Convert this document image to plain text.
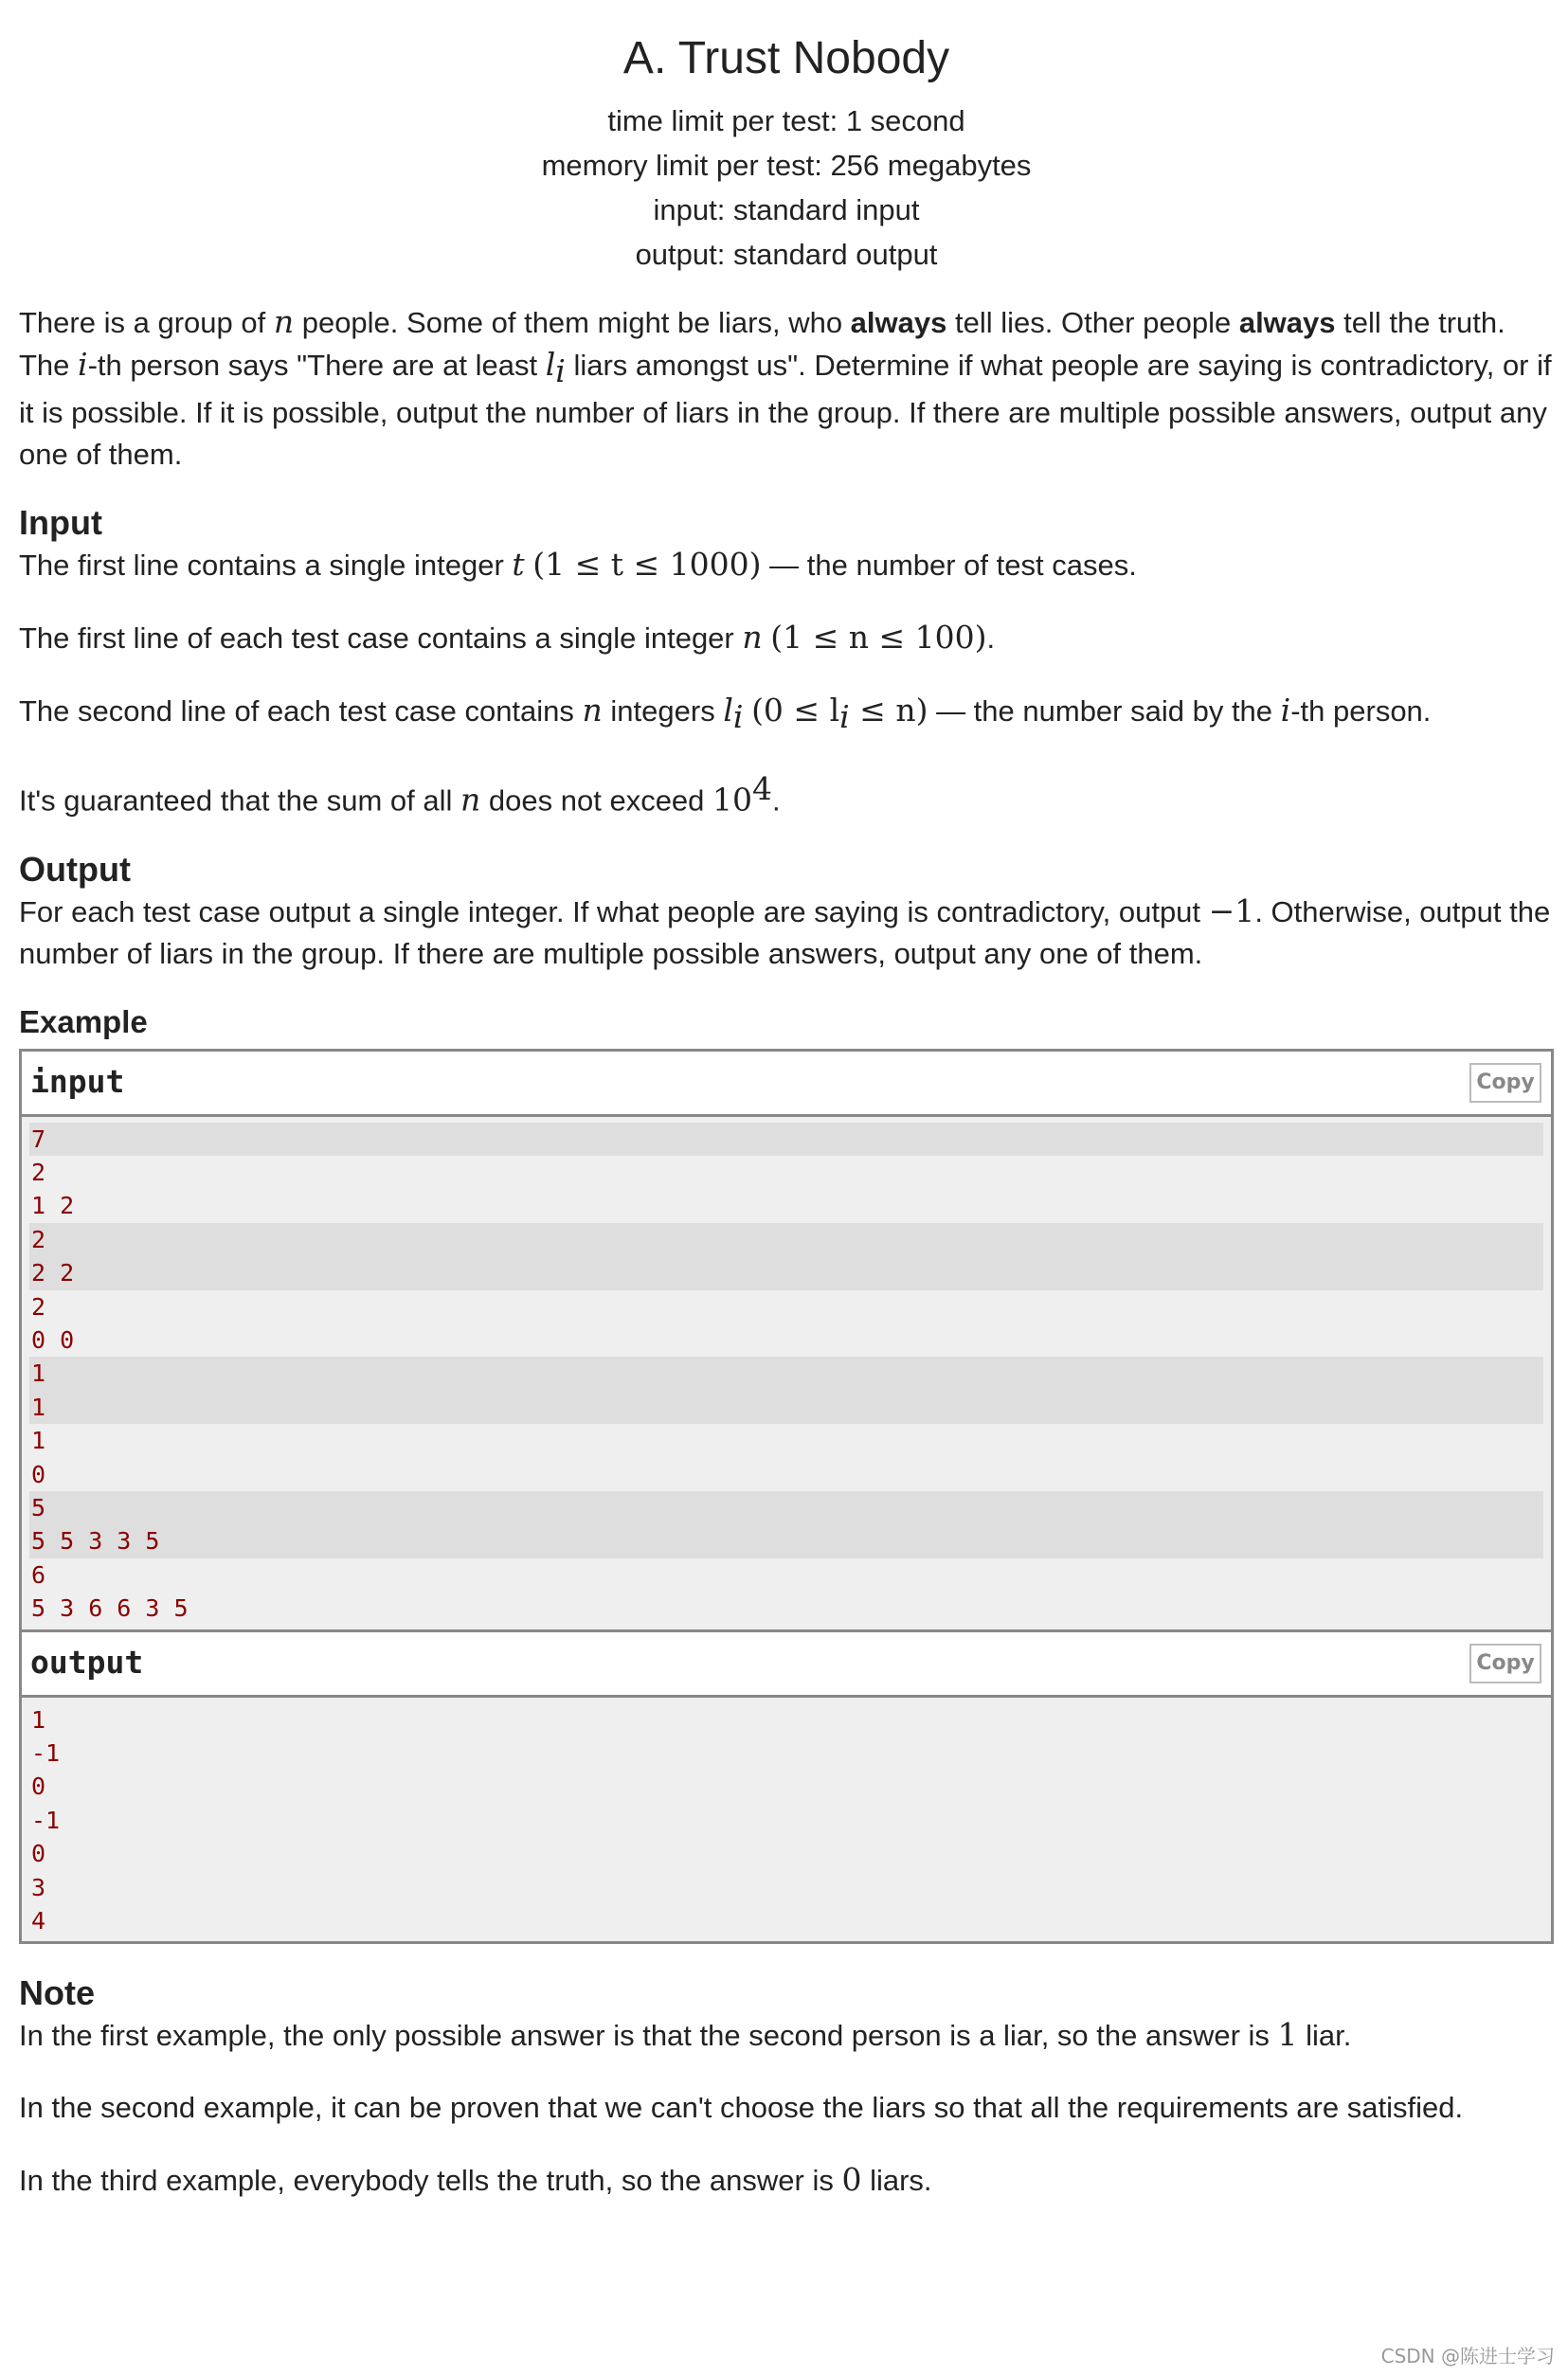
A. Trust Nobody
time limit per test: 1 second
memory limit per test: 256 megabytes
input: standard input
output: standard output

There is a group of n people. Some of them might be liars, who always tell lies. Other people always tell the truth. The i-th person says "There are at least $l_i$ liars amongst us". Determine if what people are saying is contradictory, or if it is possible. If it is possible, output the number of liars in the group. If there are multiple possible answers, output any one of them.

Input

The first line contains a single integer t (1 ≤ t ≤ 1000) — the number of test cases.

The first line of each test case contains a single integer n (1 ≤ n ≤ 100).

The second line of each test case contains n integers $l_i$ $(0 \le l_i \le n)$ — the number said by the i-th person.

It's guaranteed that the sum of all n does not exceed $10^4$.

Output

For each test case output a single integer. If what people are saying is contradictory, output −1. Otherwise, output the number of liars in the group. If there are multiple possible answers, output any one of them.

Example
input	Copy
7
2
1 2
2
2 2
2
0 0
1
1
1
0
5
5 5 3 3 5
6
5 3 6 6 3 5
output	Copy
1
-1
0
-1
0
3
4
Note

In the first example, the only possible answer is that the second person is a liar, so the answer is 1 liar.

In the second example, it can be proven that we can't choose the liars so that all the requirements are satisfied.

In the third example, everybody tells the truth, so the answer is 0 liars.

CSDN @陈进士学习
